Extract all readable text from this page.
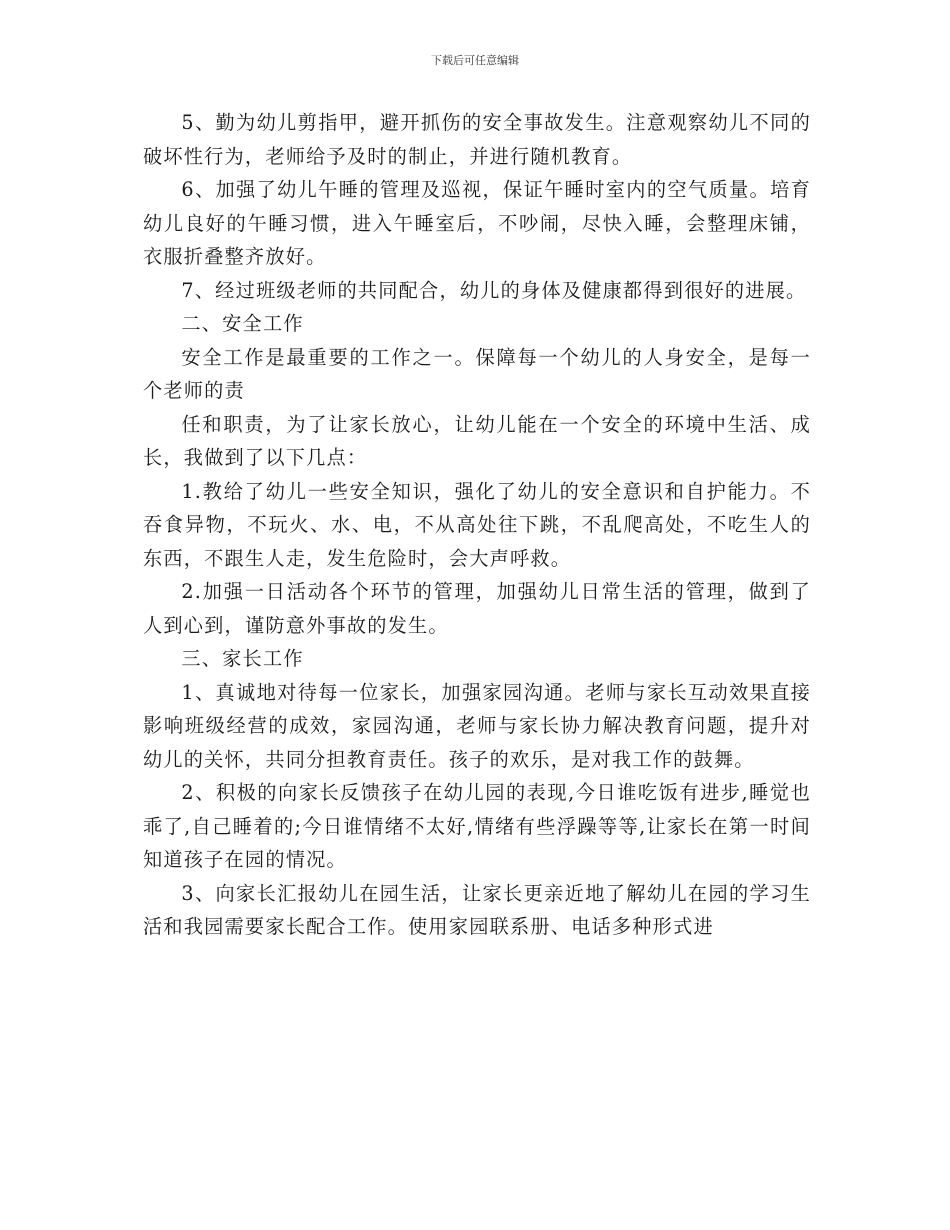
下载后可任意编辑

5、勤为幼儿剪指甲，避开抓伤的安全事故发生。注意观察幼儿不同的破坏性行为，老师给予及时的制止，并进行随机教育。

6、加强了幼儿午睡的管理及巡视，保证午睡时室内的空气质量。培育幼儿良好的午睡习惯，进入午睡室后，不吵闹，尽快入睡，会整理床铺，衣服折叠整齐放好。

7、经过班级老师的共同配合，幼儿的身体及健康都得到很好的进展。

二、安全工作

安全工作是最重要的工作之一。保障每一个幼儿的人身安全，是每一个老师的责

任和职责，为了让家长放心，让幼儿能在一个安全的环境中生活、成长，我做到了以下几点：

1.教给了幼儿一些安全知识，强化了幼儿的安全意识和自护能力。不吞食异物，不玩火、水、电，不从高处往下跳，不乱爬高处，不吃生人的东西，不跟生人走，发生危险时，会大声呼救。

2.加强一日活动各个环节的管理，加强幼儿日常生活的管理，做到了人到心到，谨防意外事故的发生。

三、家长工作

1、真诚地对待每一位家长，加强家园沟通。老师与家长互动效果直接影响班级经营的成效，家园沟通，老师与家长协力解决教育问题，提升对幼儿的关怀，共同分担教育责任。孩子的欢乐，是对我工作的鼓舞。

2、积极的向家长反馈孩子在幼儿园的表现,今日谁吃饭有进步,睡觉也乖了,自己睡着的;今日谁情绪不太好,情绪有些浮躁等等,让家长在第一时间知道孩子在园的情况。

3、向家长汇报幼儿在园生活，让家长更亲近地了解幼儿在园的学习生活和我园需要家长配合工作。使用家园联系册、电话多种形式进
